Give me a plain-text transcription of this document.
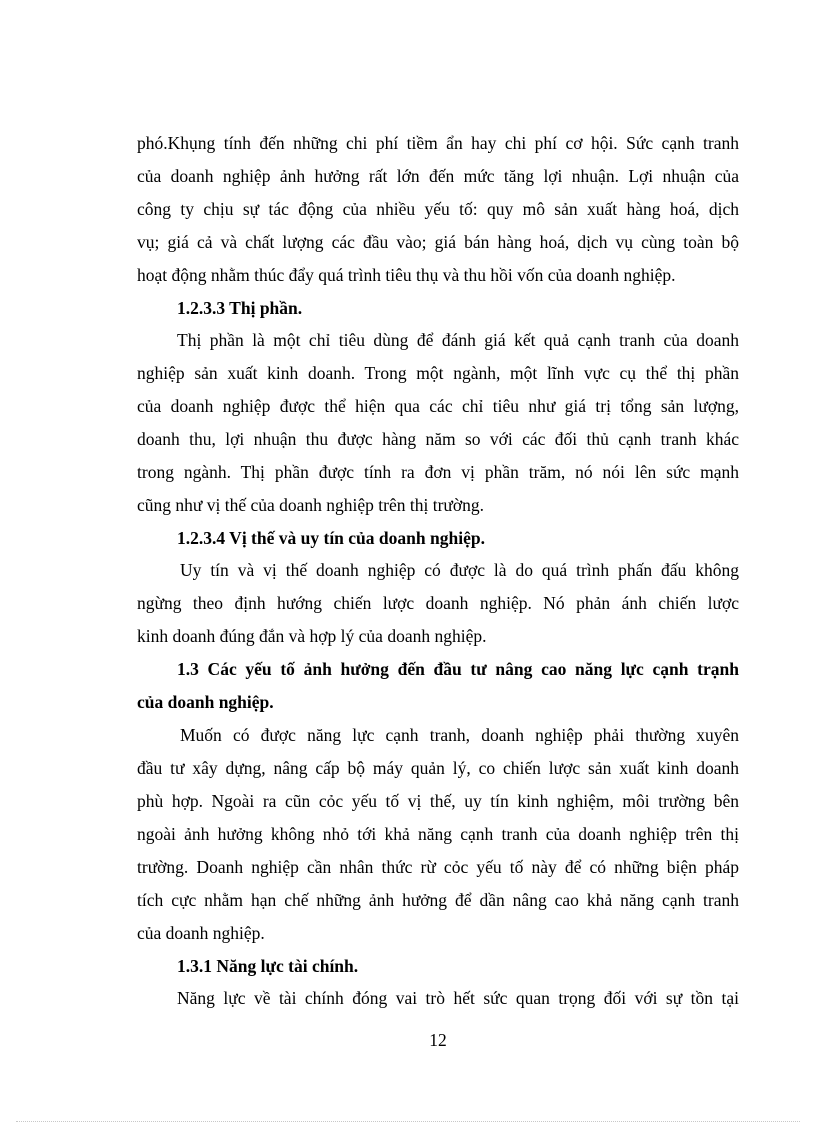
phó.Khụng tính đến những chi phí tiềm ẩn hay chi phí cơ hội. Sức cạnh tranh

của doanh nghiệp ảnh hưởng rất lớn đến mức tăng lợi nhuận. Lợi nhuận của

công ty chịu sự tác động của nhiều yếu tố: quy mô sản xuất hàng hoá, dịch

vụ; giá cả và chất lượng các đầu vào; giá bán hàng hoá, dịch vụ cùng toàn bộ

hoạt động nhằm thúc đẩy quá trình tiêu thụ và thu hồi vốn của doanh nghiệp.

1.2.3.3 Thị phần.

Thị phần là một chỉ tiêu dùng để đánh giá kết quả cạnh tranh của doanh

nghiệp sản xuất kinh doanh. Trong một ngành, một lĩnh vực cụ thể thị phần

của doanh nghiệp được thể hiện qua các chỉ tiêu như giá trị tổng sản lượng,

doanh thu, lợi nhuận thu được hàng năm so với các đối thủ cạnh tranh khác

trong ngành. Thị phần được tính ra đơn vị phần trăm, nó nói lên sức mạnh

cũng như vị thế của doanh nghiệp trên thị trường.

1.2.3.4 Vị thế và uy tín của doanh nghiệp.

Uy tín và vị thế doanh nghiệp có được là do quá trình phấn đấu không

ngừng theo định hướng chiến lược doanh nghiệp. Nó phản ánh chiến lược

kinh doanh đúng đắn và hợp lý của doanh nghiệp.

1.3 Các yếu tố ảnh hưởng đến đầu tư nâng cao năng lực cạnh trạnh

của doanh nghiệp.

Muốn có được năng lực cạnh tranh, doanh nghiệp phải thường xuyên

đầu tư xây dựng, nâng cấp bộ máy quản lý, co chiến lược sản xuất kinh doanh

phù hợp. Ngoài ra cũn cỏc yếu tố vị thế, uy tín kinh nghiệm, môi trường bên

ngoài ảnh hưởng không nhỏ tới khả năng cạnh tranh của doanh nghiệp trên thị

trường. Doanh nghiệp cần nhân thức rừ cỏc yếu tố này để có những biện pháp

tích cực nhằm hạn chế những ảnh hưởng để dần nâng cao khả năng cạnh tranh

của doanh nghiệp.

1.3.1 Năng lực tài chính.

Năng lực về tài chính đóng vai trò hết sức quan trọng đối với sự tồn tại

12
